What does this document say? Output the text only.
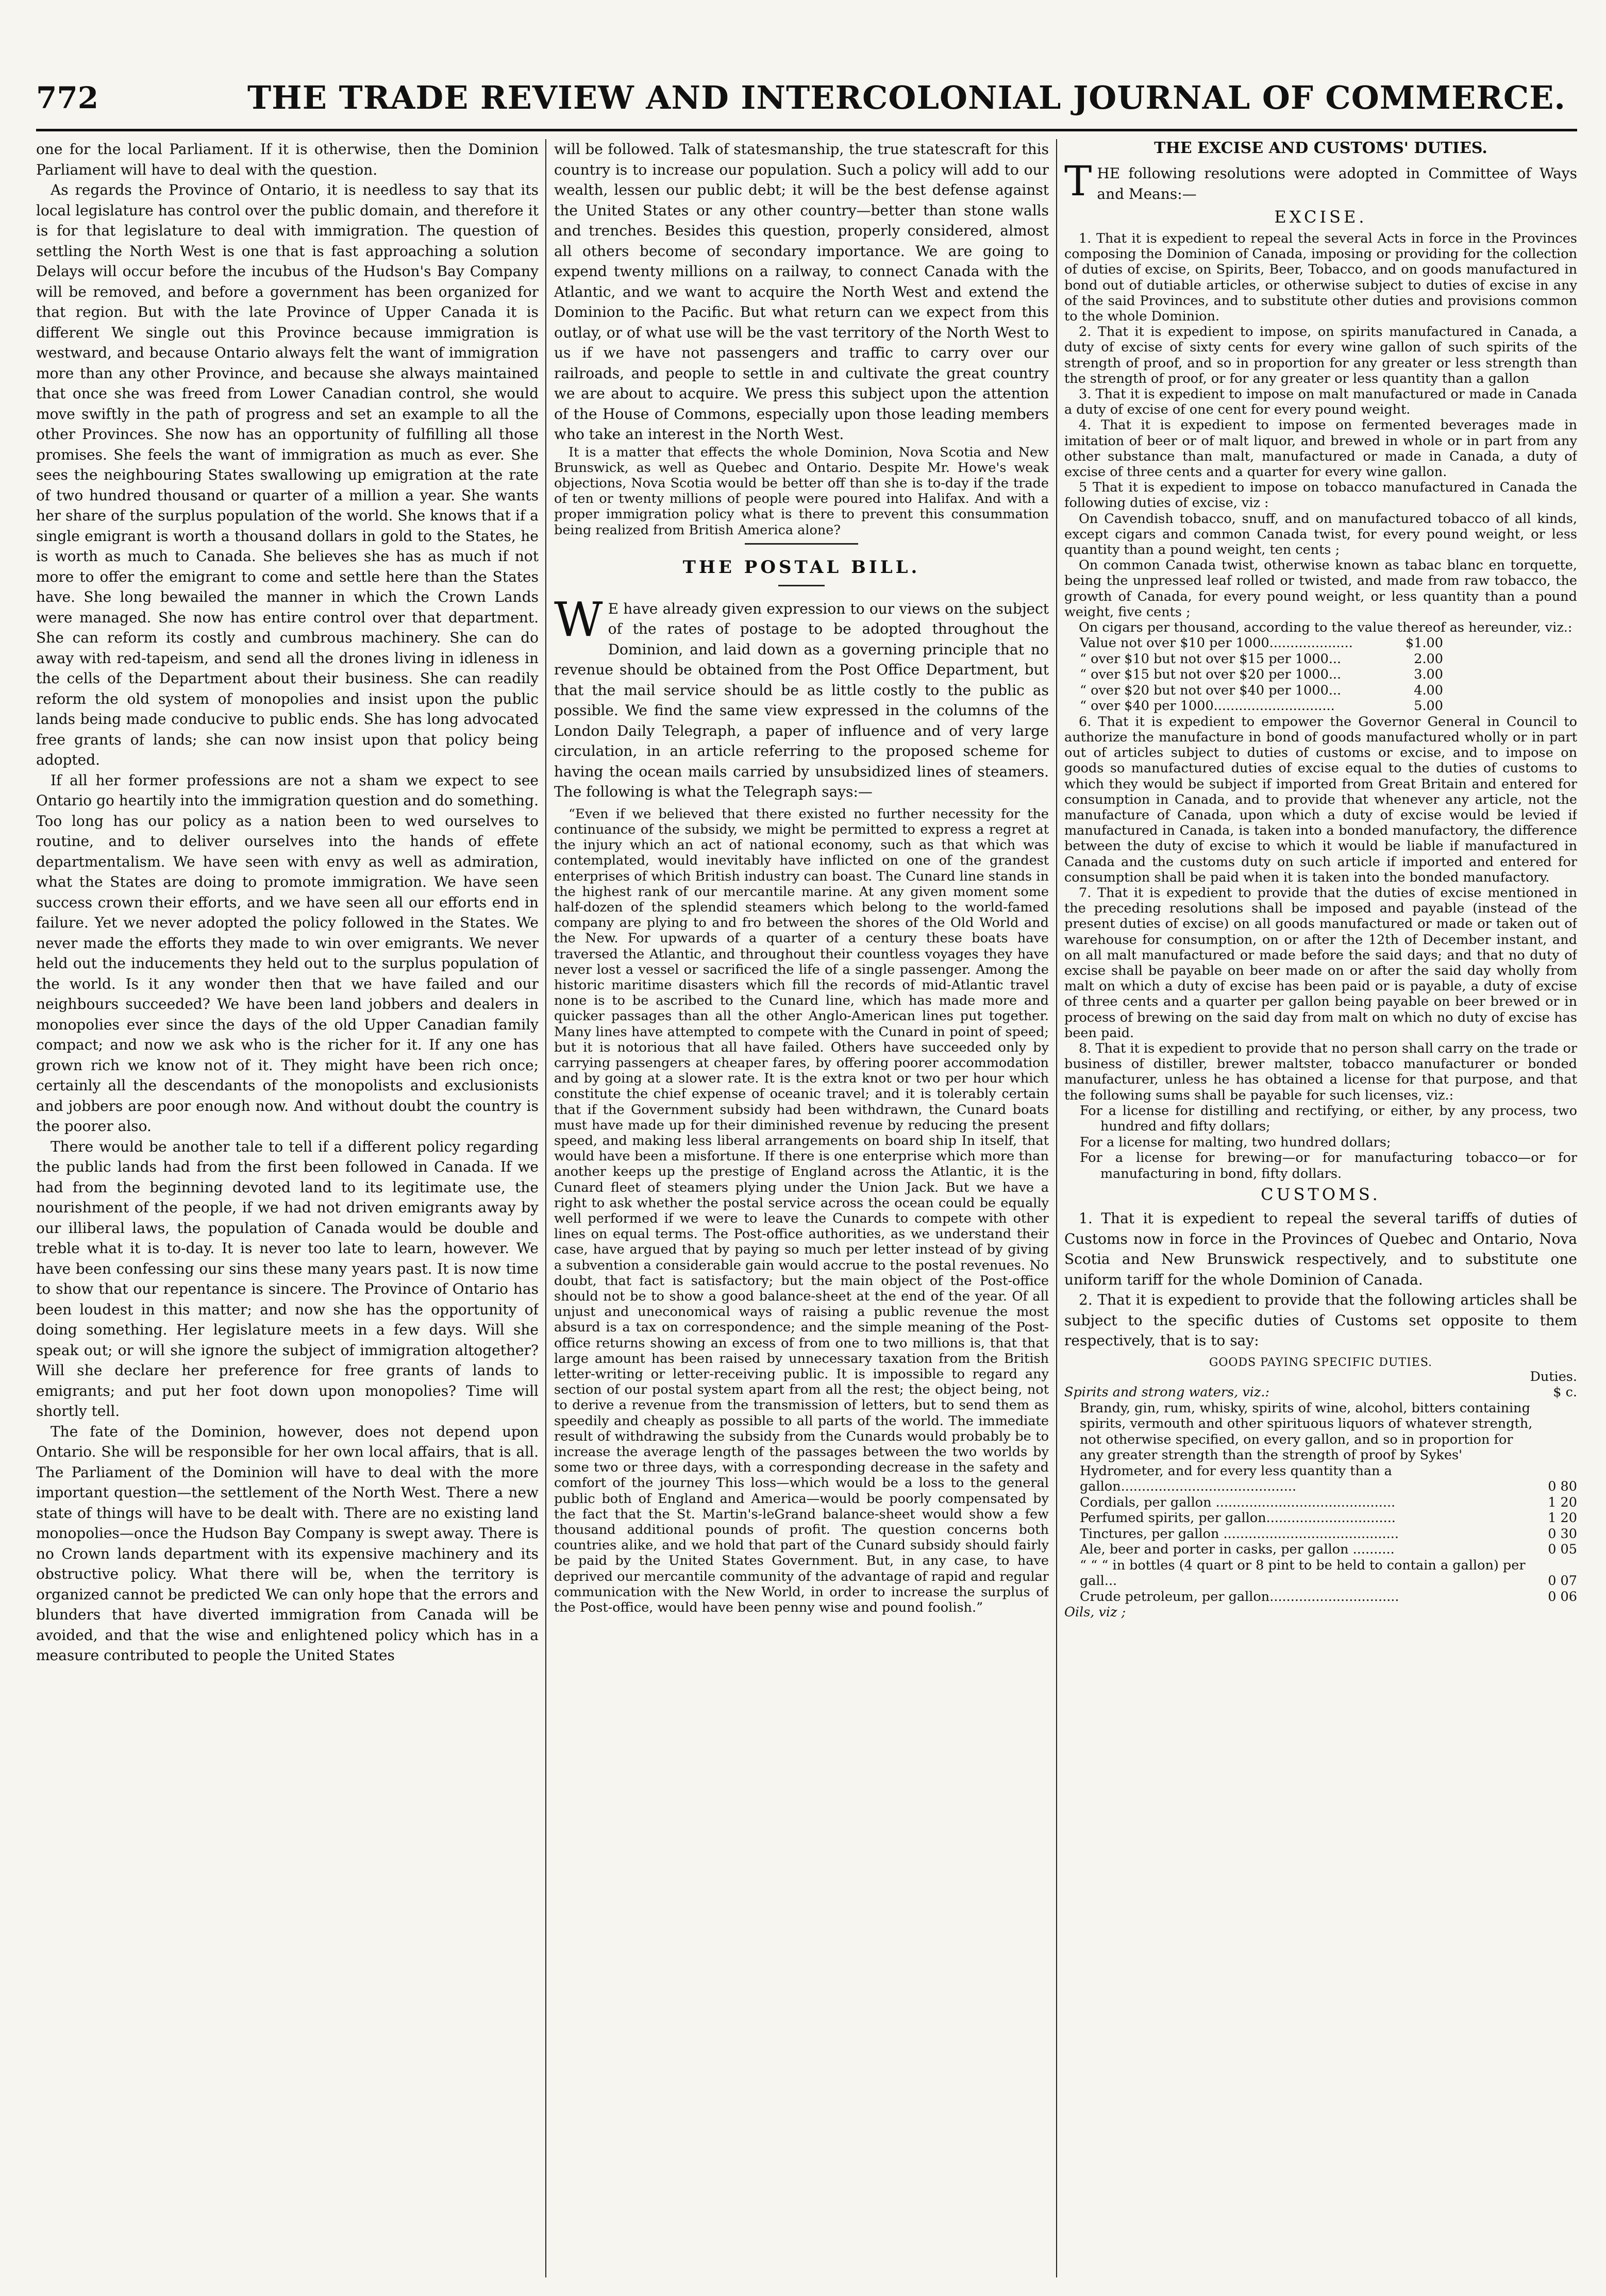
772	THE TRADE REVIEW AND INTERCOLONIAL JOURNAL OF COMMERCE.

one for the local Parliament. If it is otherwise, then the Dominion Parliament will have to deal with the question.

As regards the Province of Ontario, it is needless to say that its local legislature has control over the public domain, and therefore it is for that legislature to deal with immigration. The question of settling the North West is one that is fast approaching a solution Delays will occur before the incubus of the Hudson's Bay Company will be removed, and before a government has been organized for that region. But with the late Province of Upper Canada it is different We single out this Province because immigration is westward, and because Ontario always felt the want of immigration more than any other Province, and because she always maintained that once she was freed from Lower Canadian control, she would move swiftly in the path of progress and set an example to all the other Provinces. She now has an opportunity of fulfilling all those promises. She feels the want of immigration as much as ever. She sees the neighbouring States swallowing up emigration at the rate of two hundred thousand or quarter of a million a year. She wants her share of the surplus population of the world. She knows that if a single emigrant is worth a thousand dollars in gold to the States, he is worth as much to Canada. She believes she has as much if not more to offer the emigrant to come and settle here than the States have. She long bewailed the manner in which the Crown Lands were managed. She now has entire control over that department. She can reform its costly and cumbrous machinery. She can do away with red-tapeism, and send all the drones living in idleness in the cells of the Department about their business. She can readily reform the old system of monopolies and insist upon the public lands being made conducive to public ends. She has long advocated free grants of lands; she can now insist upon that policy being adopted.

If all her former professions are not a sham we expect to see Ontario go heartily into the immigration question and do something. Too long has our policy as a nation been to wed ourselves to routine, and to deliver ourselves into the hands of effete departmentalism. We have seen with envy as well as admiration, what the States are doing to promote immigration. We have seen success crown their efforts, and we have seen all our efforts end in failure. Yet we never adopted the policy followed in the States. We never made the efforts they made to win over emigrants. We never held out the inducements they held out to the surplus population of the world. Is it any wonder then that we have failed and our neighbours succeeded? We have been land jobbers and dealers in monopolies ever since the days of the old Upper Canadian family compact; and now we ask who is the richer for it. If any one has grown rich we know not of it. They might have been rich once; certainly all the descendants of the monopolists and exclusionists and jobbers are poor enough now. And without doubt the country is the poorer also.

There would be another tale to tell if a different policy regarding the public lands had from the first been followed in Canada. If we had from the beginning devoted land to its legitimate use, the nourishment of the people, if we had not driven emigrants away by our illiberal laws, the population of Canada would be double and treble what it is to-day. It is never too late to learn, however. We have been confessing our sins these many years past. It is now time to show that our repentance is sincere. The Province of Ontario has been loudest in this matter; and now she has the opportunity of doing something. Her legislature meets in a few days. Will she speak out; or will she ignore the subject of immigration altogether? Will she declare her preference for free grants of lands to emigrants; and put her foot down upon monopolies? Time will shortly tell.

The fate of the Dominion, however, does not depend upon Ontario. She will be responsible for her own local affairs, that is all. The Parliament of the Dominion will have to deal with the more important question—the settlement of the North West. There a new state of things will have to be dealt with. There are no existing land monopolies—once the Hudson Bay Company is swept away. There is no Crown lands department with its expensive machinery and its obstructive policy. What there will be, when the territory is organized cannot be predicted We can only hope that the errors and blunders that have diverted immigration from Canada will be avoided, and that the wise and enlightened policy which has in a measure contributed to people the United States

will be followed. Talk of statesmanship, the true statescraft for this country is to increase our population. Such a policy will add to our wealth, lessen our public debt; it will be the best defense against the United States or any other country—better than stone walls and trenches. Besides this question, properly considered, almost all others become of secondary importance. We are going to expend twenty millions on a railway, to connect Canada with the Atlantic, and we want to acquire the North West and extend the Dominion to the Pacific. But what return can we expect from this outlay, or of what use will be the vast territory of the North West to us if we have not passengers and traffic to carry over our railroads, and people to settle in and cultivate the great country we are about to acquire. We press this subject upon the attention of the House of Commons, especially upon those leading members who take an interest in the North West.

It is a matter that effects the whole Dominion, Nova Scotia and New Brunswick, as well as Quebec and Ontario. Despite Mr. Howe's weak objections, Nova Scotia would be better off than she is to-day if the trade of ten or twenty millions of people were poured into Halifax. And with a proper immigration policy what is there to prevent this consummation being realized from British America alone?

THE POSTAL BILL.

W E have already given expression to our views on the subject of the rates of postage to be adopted throughout the Dominion, and laid down as a governing principle that no revenue should be obtained from the Post Office Department, but that the mail service should be as little costly to the public as possible. We find the same view expressed in the columns of the London Daily Telegraph, a paper of influence and of very large circulation, in an article referring to the proposed scheme for having the ocean mails carried by unsubsidized lines of steamers. The following is what the Telegraph says:—

“Even if we believed that there existed no further necessity for the continuance of the subsidy, we might be permitted to express a regret at the injury which an act of national economy, such as that which was contemplated, would inevitably have inflicted on one of the grandest enterprises of which British industry can boast. The Cunard line stands in the highest rank of our mercantile marine. At any given moment some half-dozen of the splendid steamers which belong to the world-famed company are plying to and fro between the shores of the Old World and the New. For upwards of a quarter of a century these boats have traversed the Atlantic, and throughout their countless voyages they have never lost a vessel or sacrificed the life of a single passenger. Among the historic maritime disasters which fill the records of mid-Atlantic travel none is to be ascribed to the Cunard line, which has made more and quicker passages than all the other Anglo-American lines put together. Many lines have attempted to compete with the Cunard in point of speed; but it is notorious that all have failed. Others have succeeded only by carrying passengers at cheaper fares, by offering poorer accommodation and by going at a slower rate. It is the extra knot or two per hour which constitute the chief expense of oceanic travel; and it is tolerably certain that if the Government subsidy had been withdrawn, the Cunard boats must have made up for their diminished revenue by reducing the present speed, and making less liberal arrangements on board ship In itself, that would have been a misfortune. If there is one enterprise which more than another keeps up the prestige of England across the Atlantic, it is the Cunard fleet of steamers plying under the Union Jack. But we have a right to ask whether the postal service across the ocean could be equally well performed if we were to leave the Cunards to compete with other lines on equal terms. The Post-office authorities, as we understand their case, have argued that by paying so much per letter instead of by giving a subvention a considerable gain would accrue to the postal revenues. No doubt, that fact is satisfactory; but the main object of the Post-office should not be to show a good balance-sheet at the end of the year. Of all unjust and uneconomical ways of raising a public revenue the most absurd is a tax on correspondence; and the simple meaning of the Post-office returns showing an excess of from one to two millions is, that that large amount has been raised by unnecessary taxation from the British letter-writing or letter-receiving public. It is impossible to regard any section of our postal system apart from all the rest; the object being, not to derive a revenue from the transmission of letters, but to send them as speedily and cheaply as possible to all parts of the world. The immediate result of withdrawing the subsidy from the Cunards would probably be to increase the average length of the passages between the two worlds by some two or three days, with a corresponding decrease in the safety and comfort of the journey This loss—which would be a loss to the general public both of England and America—would be poorly compensated by the fact that the St. Martin's-leGrand balance-sheet would show a few thousand additional pounds of profit. The question concerns both countries alike, and we hold that part of the Cunard subsidy should fairly be paid by the United States Government. But, in any case, to have deprived our mercantile community of the advantage of rapid and regular communication with the New World, in order to increase the surplus of the Post-office, would have been penny wise and pound foolish.”

THE EXCISE AND CUSTOMS' DUTIES.

THE following resolutions were adopted in Committee of Ways and Means:—

EXCISE.

1. That it is expedient to repeal the several Acts in force in the Provinces composing the Dominion of Canada, imposing or providing for the collection of duties of excise, on Spirits, Beer, Tobacco, and on goods manufactured in bond out of dutiable articles, or otherwise subject to duties of excise in any of the said Provinces, and to substitute other duties and provisions common to the whole Dominion.

2. That it is expedient to impose, on spirits manufactured in Canada, a duty of excise of sixty cents for every wine gallon of such spirits of the strength of proof, and so in proportion for any greater or less strength than the strength of proof, or for any greater or less quantity than a gallon

3. That it is expedient to impose on malt manufactured or made in Canada a duty of excise of one cent for every pound weight.

4. That it is expedient to impose on fermented beverages made in imitation of beer or of malt liquor, and brewed in whole or in part from any other substance than malt, manufactured or made in Canada, a duty of excise of three cents and a quarter for every wine gallon.

5 That it is expedient to impose on tobacco manufactured in Canada the following duties of excise, viz :

On Cavendish tobacco, snuff, and on manufactured tobacco of all kinds, except cigars and common Canada twist, for every pound weight, or less quantity than a pound weight, ten cents ;

On common Canada twist, otherwise known as tabac blanc en torquette, being the unpressed leaf rolled or twisted, and made from raw tobacco, the growth of Canada, for every pound weight, or less quantity than a pound weight, five cents ;

On cigars per thousand, according to the value thereof as hereunder, viz.:

Value not over $10 per 1000....................	$1.00
“ over $10 but not over $15 per 1000...	2.00
“ over $15 but not over $20 per 1000...	3.00
“ over $20 but not over $40 per 1000...	4.00
“ over $40 per 1000.............................	5.00

6. That it is expedient to empower the Governor General in Council to authorize the manufacture in bond of goods manufactured wholly or in part out of articles subject to duties of customs or excise, and to impose on goods so manufactured duties of excise equal to the duties of customs to which they would be subject if imported from Great Britain and entered for consumption in Canada, and to provide that whenever any article, not the manufacture of Canada, upon which a duty of excise would be levied if manufactured in Canada, is taken into a bonded manufactory, the difference between the duty of excise to which it would be liable if manufactured in Canada and the customs duty on such article if imported and entered for consumption shall be paid when it is taken into the bonded manufactory.

7. That it is expedient to provide that the duties of excise mentioned in the preceding resolutions shall be imposed and payable (instead of the present duties of excise) on all goods manufactured or made or taken out of warehouse for consumption, on or after the 12th of December instant, and on all malt manufactured or made before the said days; and that no duty of excise shall be payable on beer made on or after the said day wholly from malt on which a duty of excise has been paid or is payable, a duty of excise of three cents and a quarter per gallon being payable on beer brewed or in process of brewing on the said day from malt on which no duty of excise has been paid.

8. That it is expedient to provide that no person shall carry on the trade or business of distiller, brewer maltster, tobacco manufacturer or bonded manufacturer, unless he has obtained a license for that purpose, and that the following sums shall be payable for such licenses, viz.:

For a license for distilling and rectifying, or either, by any process, two hundred and fifty dollars;

For a license for malting, two hundred dollars;

For a license for brewing—or for manufacturing tobacco—or for manufacturing in bond, fifty dollars.

CUSTOMS.

1. That it is expedient to repeal the several tariffs of duties of Customs now in force in the Provinces of Quebec and Ontario, Nova Scotia and New Brunswick respectively, and to substitute one uniform tariff for the whole Dominion of Canada.

2. That it is expedient to provide that the following articles shall be subject to the specific duties of Customs set opposite to them respectively, that is to say:

GOODS PAYING SPECIFIC DUTIES.
Duties.
Spirits and strong waters, viz.:	$ c.
Brandy, gin, rum, whisky, spirits of wine, alcohol, bitters containing spirits, vermouth and other spirituous liquors of whatever strength, not otherwise specified, on every gallon, and so in proportion for any greater strength than the strength of proof by Sykes' Hydrometer, and for every less quantity than a gallon..........................................	0 80
Cordials, per gallon ...........................................	1 20
Perfumed spirits, per gallon...............................	1 20
Tinctures, per gallon ..........................................	0 30
Ale, beer and porter in casks, per gallon ..........	0 05
“ “ “ in bottles (4 quart or 8 pint to be held to contain a gallon) per gall...	0 07
Crude petroleum, per gallon...............................	0 06
Oils, viz ;
